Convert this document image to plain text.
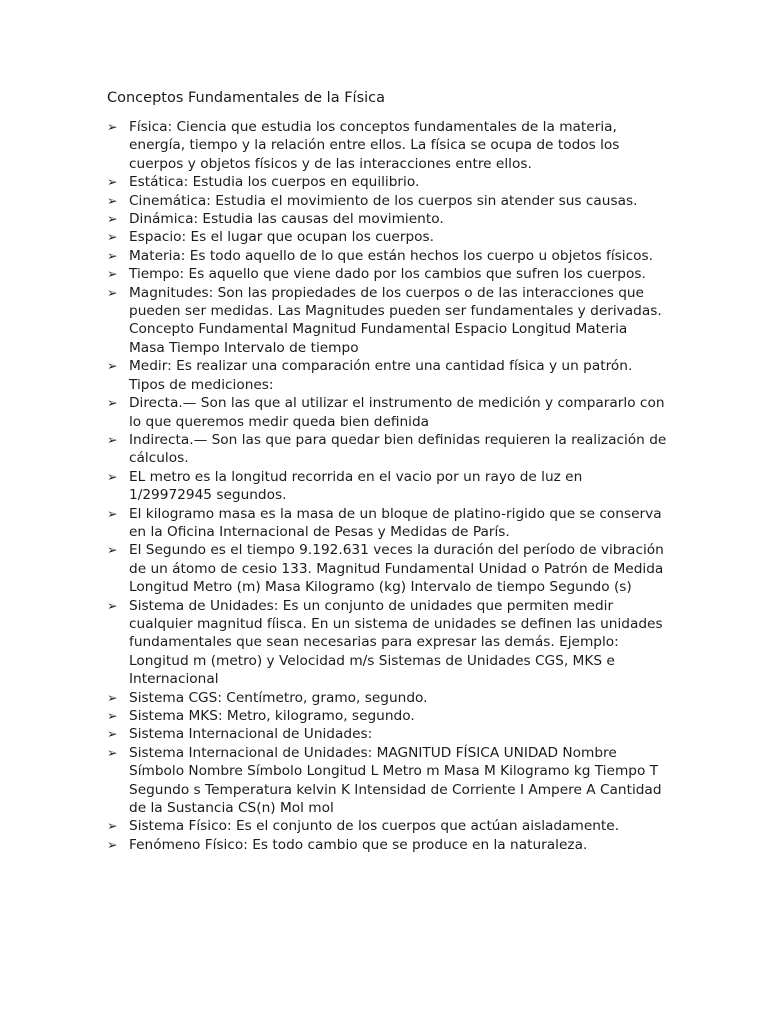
Conceptos Fundamentales de la Física
➢ Física: Ciencia que estudia los conceptos fundamentales de la materia, energía, tiempo y la relación entre ellos. La física se ocupa de todos los cuerpos y objetos físicos y de las interacciones entre ellos.
➢ Estática: Estudia los cuerpos en equilibrio.
➢ Cinemática: Estudia el movimiento de los cuerpos sin atender sus causas.
➢ Dinámica: Estudia las causas del movimiento.
➢ Espacio: Es el lugar que ocupan los cuerpos.
➢ Materia: Es todo aquello de lo que están hechos los cuerpo u objetos físicos.
➢ Tiempo: Es aquello que viene dado por los cambios que sufren los cuerpos.
➢ Magnitudes: Son las propiedades de los cuerpos o de las interacciones que pueden ser medidas. Las Magnitudes pueden ser fundamentales y derivadas. Concepto Fundamental Magnitud Fundamental Espacio Longitud Materia Masa Tiempo Intervalo de tiempo
➢ Medir: Es realizar una comparación entre una cantidad física y un patrón. Tipos de mediciones:
➢ Directa.— Son las que al utilizar el instrumento de medición y compararlo con lo que queremos medir queda bien definida
➢ Indirecta.— Son las que para quedar bien definidas requieren la realización de cálculos.
➢ EL metro es la longitud recorrida en el vacio por un rayo de luz en 1/29972945 segundos.
➢ El kilogramo masa es la masa de un bloque de platino-rigido que se conserva en la Oficina Internacional de Pesas y Medidas de París.
➢ El Segundo es el tiempo 9.192.631 veces la duración del período de vibración de un átomo de cesio 133. Magnitud Fundamental Unidad o Patrón de Medida Longitud Metro (m) Masa Kilogramo (kg) Intervalo de tiempo Segundo (s)
➢ Sistema de Unidades: Es un conjunto de unidades que permiten medir cualquier magnitud fíisca. En un sistema de unidades se definen las unidades fundamentales que sean necesarias para expresar las demás. Ejemplo: Longitud m (metro) y Velocidad m/s Sistemas de Unidades CGS, MKS e Internacional
➢ Sistema CGS: Centímetro, gramo, segundo.
➢ Sistema MKS: Metro, kilogramo, segundo.
➢ Sistema Internacional de Unidades:
➢ Sistema Internacional de Unidades: MAGNITUD FÍSICA UNIDAD Nombre Símbolo Nombre Símbolo Longitud L Metro m Masa M Kilogramo kg Tiempo T Segundo s Temperatura kelvin K Intensidad de Corriente I Ampere A Cantidad de la Sustancia CS(n) Mol mol
➢ Sistema Físico: Es el conjunto de los cuerpos que actúan aisladamente.
➢ Fenómeno Físico: Es todo cambio que se produce en la naturaleza.
